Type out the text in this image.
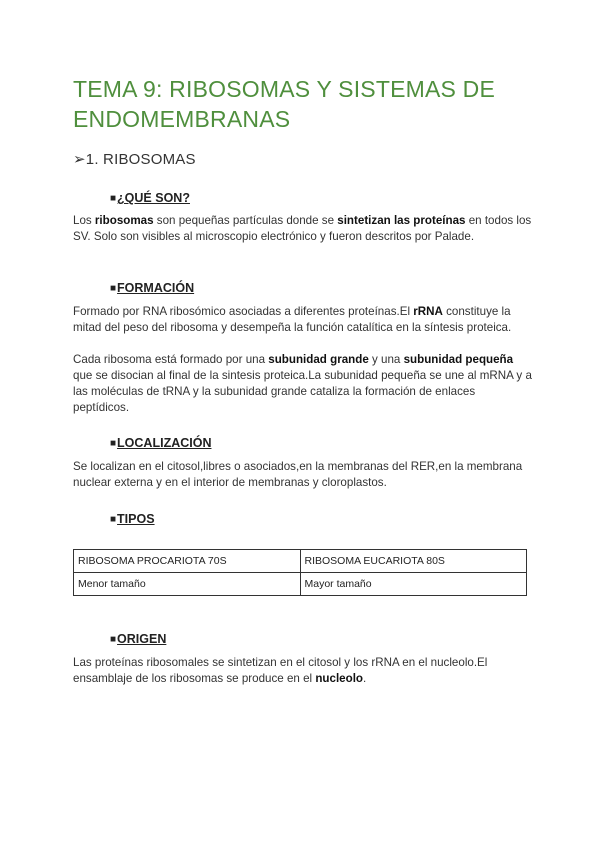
TEMA 9: RIBOSOMAS Y SISTEMAS DE ENDOMEMBRANAS
➢1. RIBOSOMAS
■¿QUÉ SON?

Los ribosomas son pequeñas partículas donde se sintetizan las proteínas en todos los SV. Solo son visibles al microscopio electrónico y fueron descritos por Palade.

■FORMACIÓN

Formado por RNA ribosómico asociadas a diferentes proteínas.El rRNA constituye la mitad del peso del ribosoma y desempeña la función catalítica en la síntesis proteica.

Cada ribosoma está formado por una subunidad grande y una subunidad pequeña que se disocian al final de la sintesis proteica.La subunidad pequeña se une al mRNA y a las moléculas de tRNA y la subunidad grande cataliza la formación de enlaces peptídicos.

■LOCALIZACIÓN

Se localizan en el citosol,libres o asociados,en la membranas del RER,en la membrana nuclear externa y en el interior de membranas y cloroplastos.

■TIPOS
RIBOSOMA PROCARIOTA 70S	RIBOSOMA EUCARIOTA 80S
Menor tamaño	Mayor tamaño
■ORIGEN

Las proteínas ribosomales se sintetizan en el citosol y los rRNA en el nucleolo.El ensamblaje de los ribosomas se produce en el nucleolo.
